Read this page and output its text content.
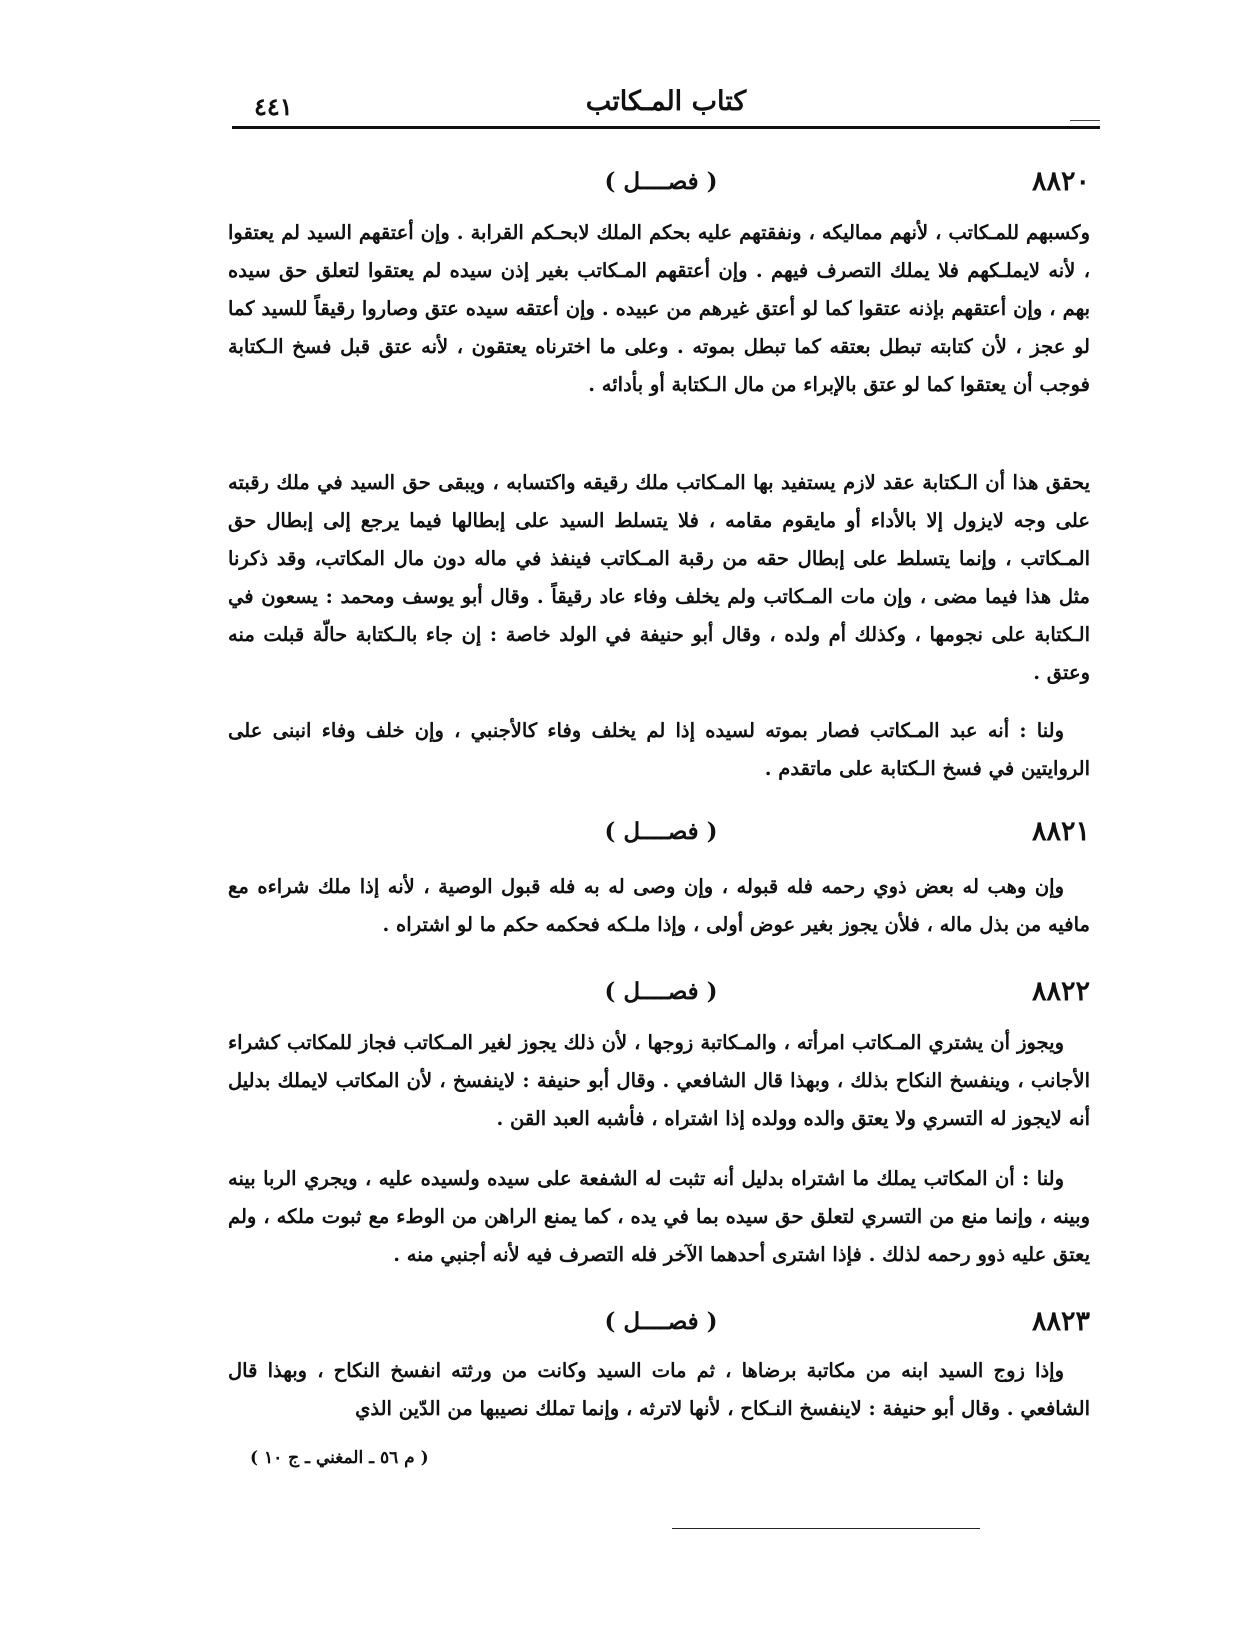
٤٤١	كتاب المـكاتب
٨٨٢٠
( فصــــل )

وكسبهم للمـكاتب ، لأنهم مماليكه ، ونفقتهم عليه بحكم الملك لابحـكم القرابة . وإن أعتقهم السيد لم يعتقوا ، لأنه لايملـكهم فلا يملك التصرف فيهم . وإن أعتقهم المـكاتب بغير إذن سيده لم يعتقوا لتعلق حق سيده بهم ، وإن أعتقهم بإذنه عتقوا كما لو أعتق غيرهم من عبيده . وإن أعتقه سيده عتق وصاروا رقيقاً للسيد كما لو عجز ، لأن كتابته تبطل بعتقه كما تبطل بموته . وعلى ما اخترناه يعتقون ، لأنه عتق قبل فسخ الـكتابة فوجب أن يعتقوا كما لو عتق بالإبراء من مال الـكتابة أو بأدائه .

يحقق هذا أن الـكتابة عقد لازم يستفيد بها المـكاتب ملك رقيقه واكتسابه ، ويبقى حق السيد في ملك رقبته على وجه لايزول إلا بالأداء أو مايقوم مقامه ، فلا يتسلط السيد على إبطالها فيما يرجع إلى إبطال حق المـكاتب ، وإنما يتسلط على إبطال حقه من رقبة المـكاتب فينفذ في ماله دون مال المكاتب، وقد ذكرنا مثل هذا فيما مضى ، وإن مات المـكاتب ولم يخلف وفاء عاد رقيقاً . وقال أبو يوسف ومحمد : يسعون في الـكتابة على نجومها ، وكذلك أم ولده ، وقال أبو حنيفة في الولد خاصة : إن جاء بالـكتابة حالّة قبلت منه وعتق .

ولنا : أنه عبد المـكاتب فصار بموته لسيده إذا لم يخلف وفاء كالأجنبي ، وإن خلف وفاء انبنى على الروايتين في فسخ الـكتابة على ماتقدم .

٨٨٢١
( فصــــل )

وإن وهب له بعض ذوي رحمه فله قبوله ، وإن وصى له به فله قبول الوصية ، لأنه إذا ملك شراءه مع مافيه من بذل ماله ، فلأن يجوز بغير عوض أولى ، وإذا ملـكه فحكمه حكم ما لو اشتراه .

٨٨٢٢
( فصــــل )

ويجوز أن يشتري المـكاتب امرأته ، والمـكاتبة زوجها ، لأن ذلك يجوز لغير المـكاتب فجاز للمكاتب كشراء الأجانب ، وينفسخ النكاح بذلك ، وبهذا قال الشافعي . وقال أبو حنيفة : لاينفسخ ، لأن المكاتب لايملك بدليل أنه لايجوز له التسري ولا يعتق والده وولده إذا اشتراه ، فأشبه العبد القن .

ولنا : أن المكاتب يملك ما اشتراه بدليل أنه تثبت له الشفعة على سيده ولسيده عليه ، ويجري الربا بينه وبينه ، وإنما منع من التسري لتعلق حق سيده بما في يده ، كما يمنع الراهن من الوطء مع ثبوت ملكه ، ولم يعتق عليه ذوو رحمه لذلك . فإذا اشترى أحدهما الآخر فله التصرف فيه لأنه أجنبي منه .

٨٨٢٣
( فصــــل )

وإذا زوج السيد ابنه من مكاتبة برضاها ، ثم مات السيد وكانت من ورثته انفسخ النكاح ، وبهذا قال الشافعي . وقال أبو حنيفة : لاينفسخ النـكاح ، لأنها لاترثه ، وإنما تملك نصيبها من الدّين الذي

( م ٥٦ ـ المغني ـ ج ١٠ )
